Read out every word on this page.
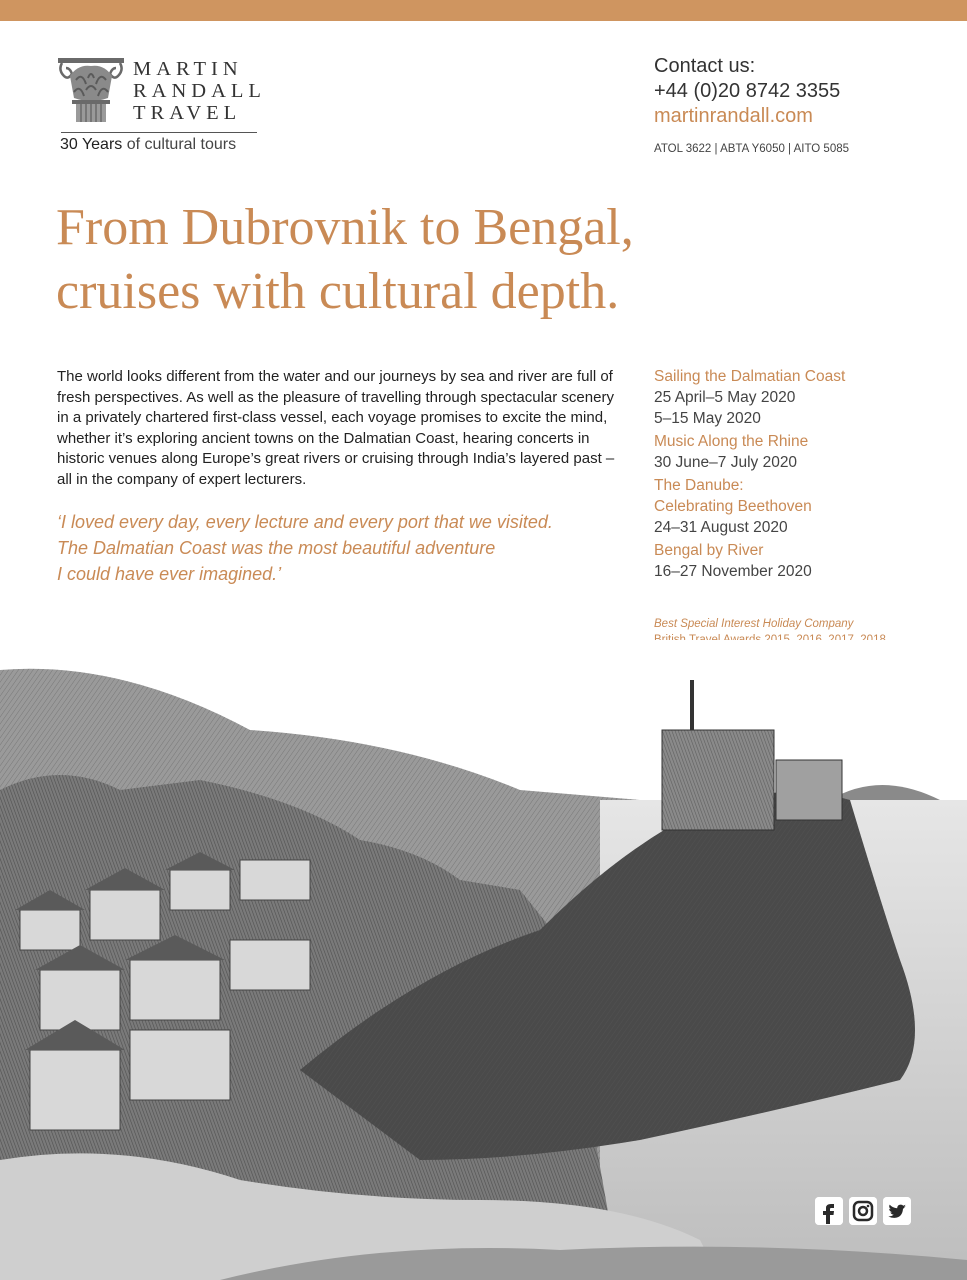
MARTIN
RANDALL
TRAVEL
30 Years of cultural tours
Contact us:
+44 (0)20 8742 3355
martinrandall.com
ATOL 3622 | ABTA Y6050 | AITO 5085
From Dubrovnik to Bengal,
cruises with cultural depth.

The world looks different from the water and our journeys by sea and river are full of fresh perspectives. As well as the pleasure of travelling through spectacular scenery in a privately chartered first-class vessel, each voyage promises to excite the mind, whether it’s exploring ancient towns on the Dalmatian Coast, hearing concerts in historic venues along Europe’s great rivers or cruising through India’s layered past – all in the company of expert lecturers.

‘I loved every day, every lecture and every port that we visited.
The Dalmatian Coast was the most beautiful adventure
I could have ever imagined.’
Sailing the Dalmatian Coast
25 April–5 May 2020
5–15 May 2020
Music Along the Rhine
30 June–7 July 2020
The Danube:
Celebrating Beethoven
24–31 August 2020
Bengal by River
16–27 November 2020
Best Special Interest Holiday Company
